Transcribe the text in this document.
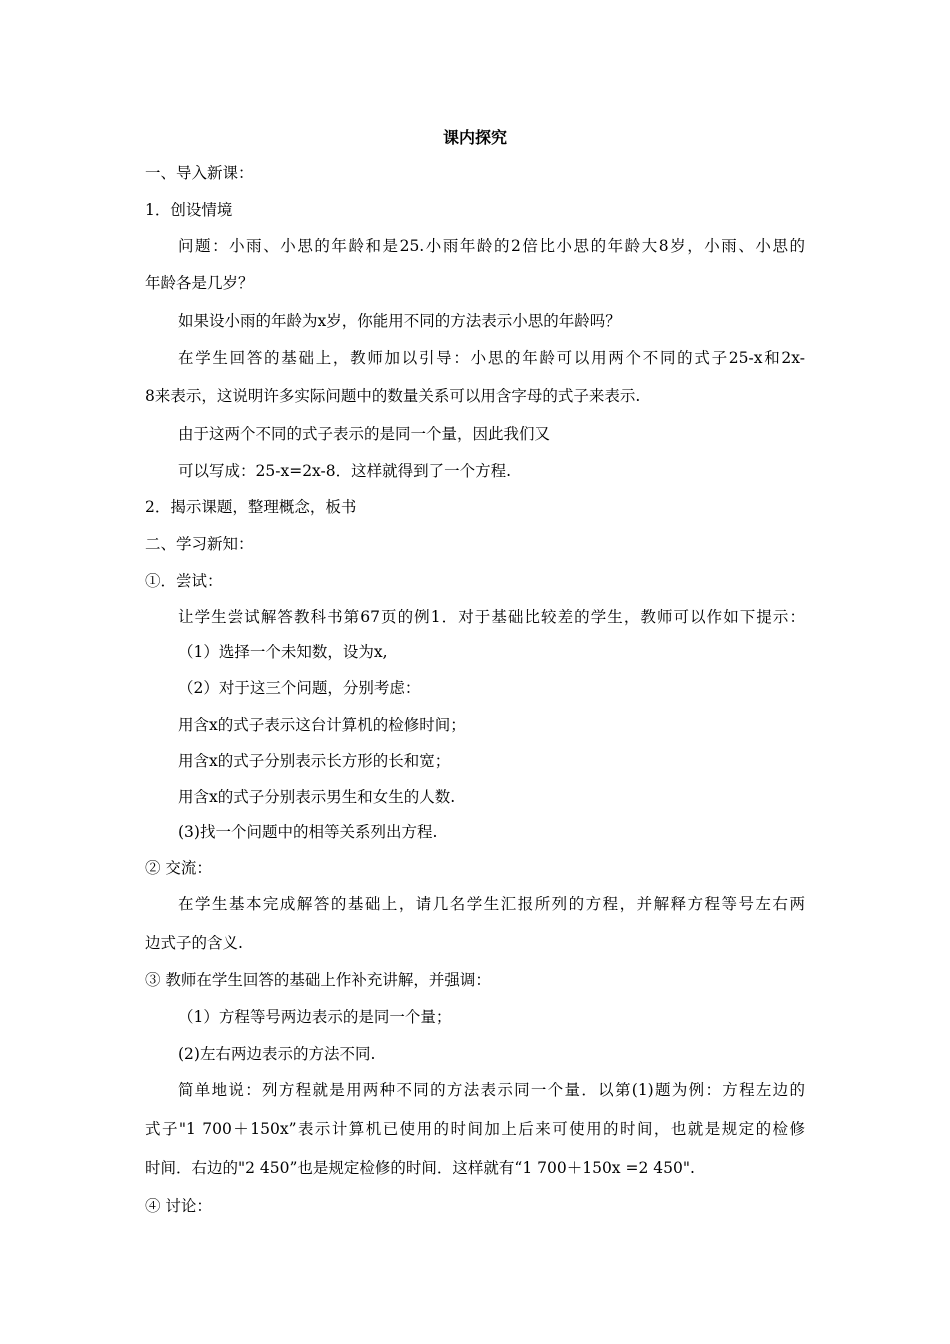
课内探究
一、导入新课：
1．创设情境
问题：小雨、小思的年龄和是25.小雨年龄的2倍比小思的年龄大8岁，小雨、小思的
年龄各是几岁？
如果设小雨的年龄为x岁，你能用不同的方法表示小思的年龄吗？
在学生回答的基础上，教师加以引导：小思的年龄可以用两个不同的式子25-x和2x-
8来表示，这说明许多实际问题中的数量关系可以用含字母的式子来表示.
由于这两个不同的式子表示的是同一个量，因此我们又
可以写成：25-x=2x-8．这样就得到了一个方程.
2．揭示课题，整理概念，板书
二、学习新知：
①．尝试：
让学生尝试解答教科书第67页的例1．对于基础比较差的学生，教师可以作如下提示：
（1）选择一个未知数，设为x,
（2）对于这三个问题，分别考虑：
用含x的式子表示这台计算机的检修时间；
用含x的式子分别表示长方形的长和宽；
用含x的式子分别表示男生和女生的人数.
(3)找一个问题中的相等关系列出方程.
② 交流：
在学生基本完成解答的基础上，请几名学生汇报所列的方程，并解释方程等号左右两
边式子的含义.
③ 教师在学生回答的基础上作补充讲解，并强调：
（1）方程等号两边表示的是同一个量；
(2)左右两边表示的方法不同.
简单地说：列方程就是用两种不同的方法表示同一个量．以第(1)题为例：方程左边的
式子"1 700＋150x”表示计算机已使用的时间加上后来可使用的时间，也就是规定的检修
时间．右边的"2 450”也是规定检修的时间．这样就有“1 700＋150x =2 450".
④ 讨论：
